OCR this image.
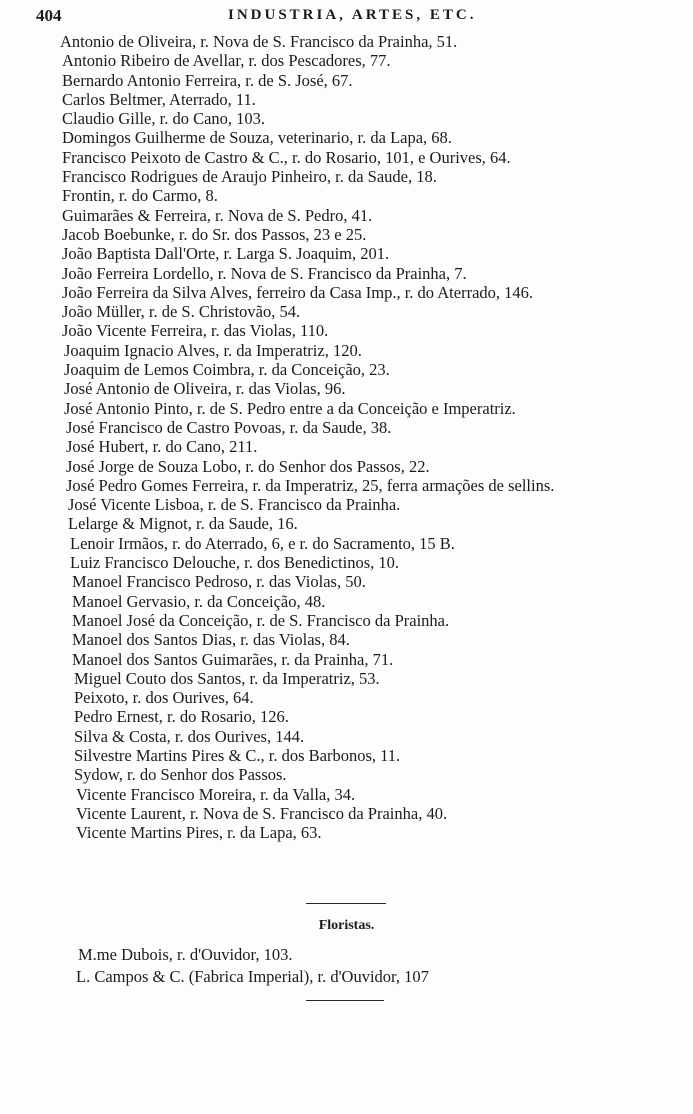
404	INDUSTRIA, ARTES, ETC.
Antonio de Oliveira, r. Nova de S. Francisco da Prainha, 51.
Antonio Ribeiro de Avellar, r. dos Pescadores, 77.
Bernardo Antonio Ferreira, r. de S. José, 67.
Carlos Beltmer, Aterrado, 11.
Claudio Gille, r. do Cano, 103.
Domingos Guilherme de Souza, veterinario, r. da Lapa, 68.
Francisco Peixoto de Castro & C., r. do Rosario, 101, e Ourives, 64.
Francisco Rodrigues de Araujo Pinheiro, r. da Saude, 18.
Frontin, r. do Carmo, 8.
Guimarães & Ferreira, r. Nova de S. Pedro, 41.
Jacob Boebunke, r. do Sr. dos Passos, 23 e 25.
João Baptista Dall'Orte, r. Larga S. Joaquim, 201.
João Ferreira Lordello, r. Nova de S. Francisco da Prainha, 7.
João Ferreira da Silva Alves, ferreiro da Casa Imp., r. do Aterrado, 146.
João Müller, r. de S. Christovão, 54.
João Vicente Ferreira, r. das Violas, 110.
Joaquim Ignacio Alves, r. da Imperatriz, 120.
Joaquim de Lemos Coimbra, r. da Conceição, 23.
José Antonio de Oliveira, r. das Violas, 96.
José Antonio Pinto, r. de S. Pedro entre a da Conceição e Imperatriz.
José Francisco de Castro Povoas, r. da Saude, 38.
José Hubert, r. do Cano, 211.
José Jorge de Souza Lobo, r. do Senhor dos Passos, 22.
José Pedro Gomes Ferreira, r. da Imperatriz, 25, ferra armações de sellins.
José Vicente Lisboa, r. de S. Francisco da Prainha.
Lelarge & Mignot, r. da Saude, 16.
Lenoir Irmãos, r. do Aterrado, 6, e r. do Sacramento, 15 B.
Luiz Francisco Delouche, r. dos Benedictinos, 10.
Manoel Francisco Pedroso, r. das Violas, 50.
Manoel Gervasio, r. da Conceição, 48.
Manoel José da Conceição, r. de S. Francisco da Prainha.
Manoel dos Santos Dias, r. das Violas, 84.
Manoel dos Santos Guimarães, r. da Prainha, 71.
Miguel Couto dos Santos, r. da Imperatriz, 53.
Peixoto, r. dos Ourives, 64.
Pedro Ernest, r. do Rosario, 126.
Silva & Costa, r. dos Ourives, 144.
Silvestre Martins Pires & C., r. dos Barbonos, 11.
Sydow, r. do Senhor dos Passos.
Vicente Francisco Moreira, r. da Valla, 34.
Vicente Laurent, r. Nova de S. Francisco da Prainha, 40.
Vicente Martins Pires, r. da Lapa, 63.
Floristas.
M.me Dubois, r. d'Ouvidor, 103.
L. Campos & C. (Fabrica Imperial), r. d'Ouvidor, 107
